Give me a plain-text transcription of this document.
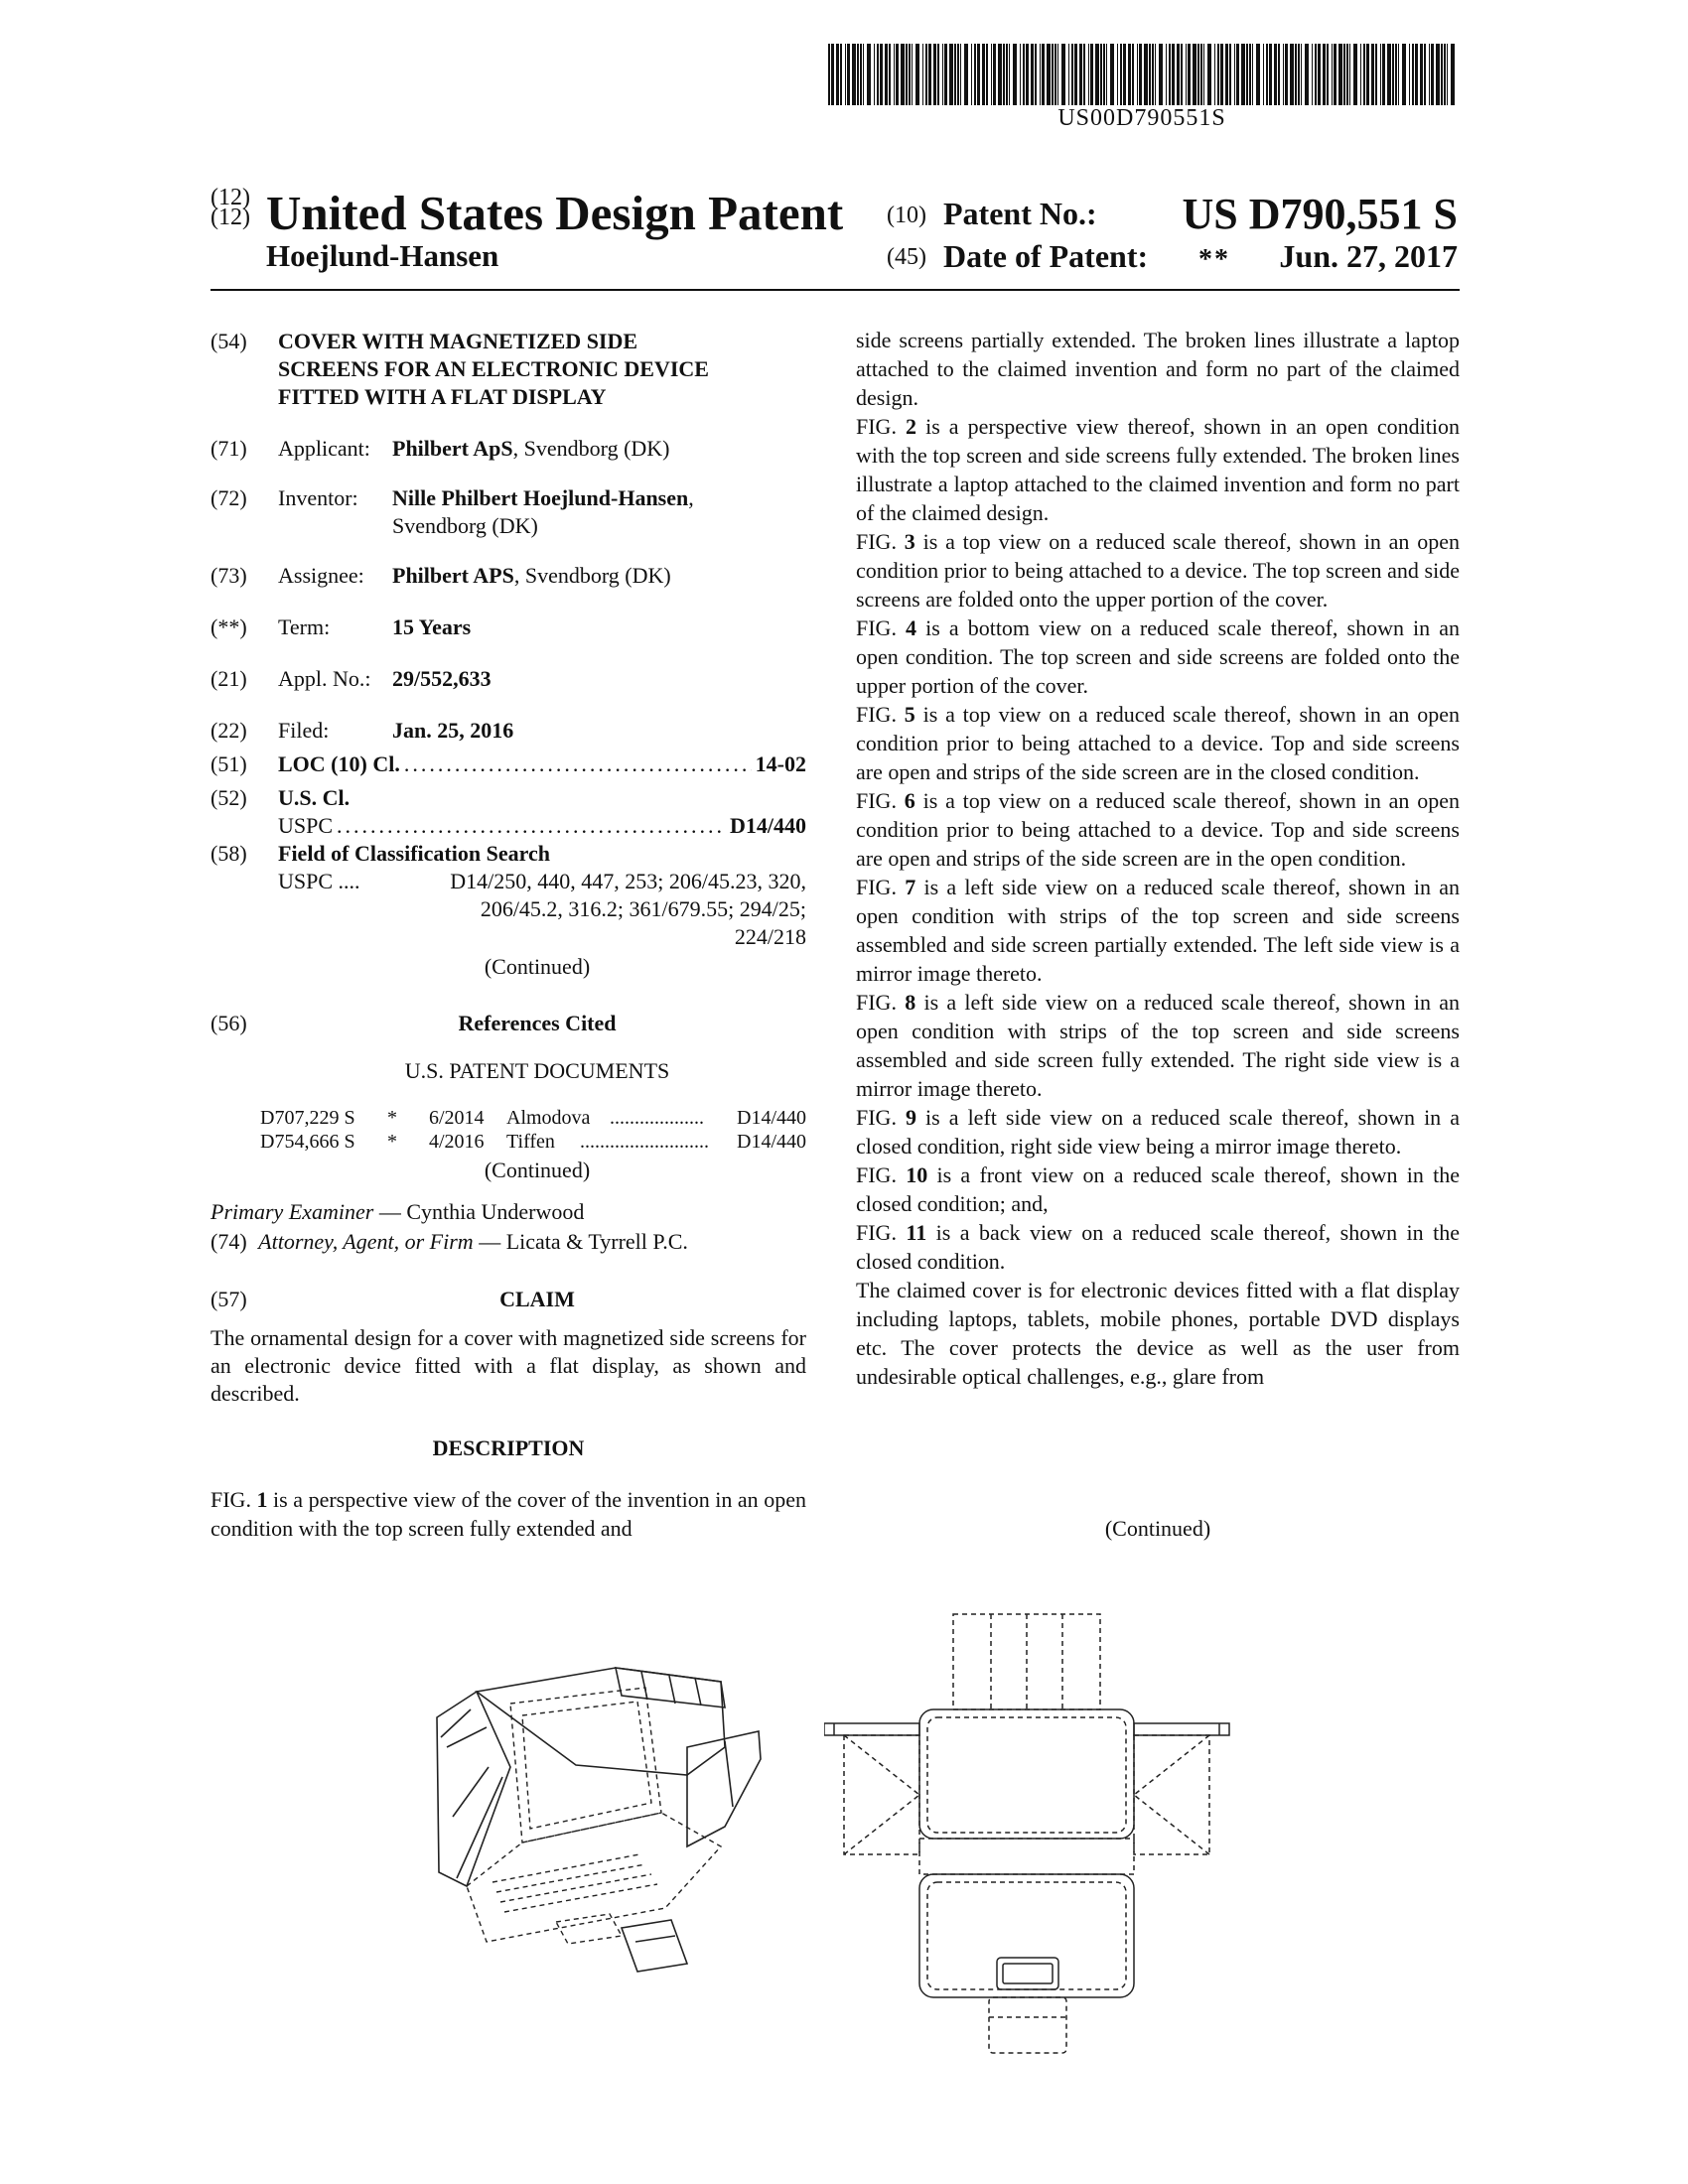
US00D790551S
(12)
(12) United States Design Patent
Hoejlund-Hansen
(10) Patent No.: US D790,551 S
(45) Date of Patent: ** Jun. 27, 2017
(54) COVER WITH MAGNETIZED SIDE
SCREENS FOR AN ELECTRONIC DEVICE
FITTED WITH A FLAT DISPLAY
(71) Applicant: Philbert ApS, Svendborg (DK)
(72) Inventor: Nille Philbert Hoejlund-Hansen,
Svendborg (DK)
(73) Assignee: Philbert APS, Svendborg (DK)
(**) Term:	15 Years
(21) Appl. No.: 29/552,633
(22) Filed:	Jan. 25, 2016
(51) LOC (10) Cl. .....	14-02
(52) U.S. Cl.
USPC .....	D14/440
(58) Field of Classification Search
USPC ....	D14/250, 440, 447, 253; 206/45.23, 320,
206/45.2, 316.2; 361/679.55; 294/25;
224/218
(Continued)
(56)	References Cited
U.S. PATENT DOCUMENTS
D707,229 S * 6/2014 Almodova ................... D14/440
D754,666 S * 4/2016 Tiffen .......................... D14/440
(Continued)
Primary Examiner — Cynthia Underwood
(74) Attorney, Agent, or Firm — Licata & Tyrrell P.C.
(57)	CLAIM
The ornamental design for a cover with magnetized side screens for an electronic device fitted with a flat display, as shown and described.
DESCRIPTION
FIG. 1 is a perspective view of the cover of the invention in an open condition with the top screen fully extended and

side screens partially extended. The broken lines illustrate a laptop attached to the claimed invention and form no part of the claimed design.

FIG. 2 is a perspective view thereof, shown in an open condition with the top screen and side screens fully extended. The broken lines illustrate a laptop attached to the claimed invention and form no part of the claimed design.

FIG. 3 is a top view on a reduced scale thereof, shown in an open condition prior to being attached to a device. The top screen and side screens are folded onto the upper portion of the cover.

FIG. 4 is a bottom view on a reduced scale thereof, shown in an open condition. The top screen and side screens are folded onto the upper portion of the cover.

FIG. 5 is a top view on a reduced scale thereof, shown in an open condition prior to being attached to a device. Top and side screens are open and strips of the side screen are in the closed condition.

FIG. 6 is a top view on a reduced scale thereof, shown in an open condition prior to being attached to a device. Top and side screens are open and strips of the side screen are in the open condition.

FIG. 7 is a left side view on a reduced scale thereof, shown in an open condition with strips of the top screen and side screens assembled and side screen partially extended. The left side view is a mirror image thereto.

FIG. 8 is a left side view on a reduced scale thereof, shown in an open condition with strips of the top screen and side screens assembled and side screen fully extended. The right side view is a mirror image thereto.

FIG. 9 is a left side view on a reduced scale thereof, shown in a closed condition, right side view being a mirror image thereto.

FIG. 10 is a front view on a reduced scale thereof, shown in the closed condition; and,

FIG. 11 is a back view on a reduced scale thereof, shown in the closed condition.

The claimed cover is for electronic devices fitted with a flat display including laptops, tablets, mobile phones, portable DVD displays etc. The cover protects the device as well as the user from undesirable optical challenges, e.g., glare from

(Continued)
